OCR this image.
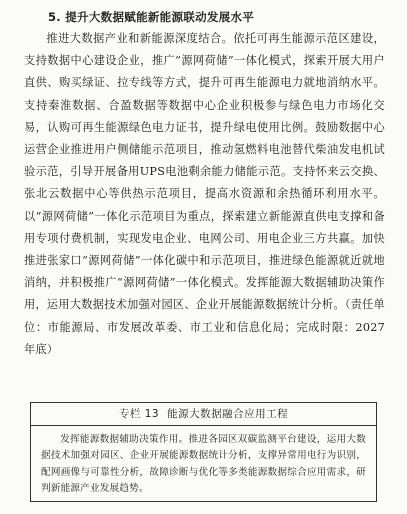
5. 提升大数据赋能新能源联动发展水平

推进大数据产业和新能源深度结合。依托可再生能源示范区建设，支持数据中心建设企业，推广“源网荷储”一体化模式，探索开展大用户直供、购买绿证、拉专线等方式，提升可再生能源电力就地消纳水平。支持秦淮数据、合盈数据等数据中心企业积极参与绿色电力市场化交易，认购可再生能源绿色电力证书，提升绿电使用比例。鼓励数据中心运营企业推进用户侧储能示范项目，推动氢燃料电池替代柴油发电机试验示范，引导开展备用UPS电池剩余能力储能示范。支持怀来云交换、张北云数据中心等供热示范项目，提高水资源和余热循环利用水平。以“源网荷储”一体化示范项目为重点，探索建立新能源直供电支撑和备用专项付费机制，实现发电企业、电网公司、用电企业三方共赢。加快推进张家口“源网荷储”一体化碳中和示范项目，推进绿色能源就近就地消纳，并积极推广“源网荷储”一体化模式。发挥能源大数据辅助决策作用，运用大数据技术加强对园区、企业开展能源数据统计分析。（责任单位：市能源局、市发展改革委、市工业和信息化局；完成时限：2027年底）

专栏 13 能源大数据融合应用工程
发挥能源数据辅助决策作用。推进各园区双碳监测平台建设，运用大数据技术加强对园区、企业开展能源数据统计分析，支撑异常用电行为识别，配网画像与可靠性分析，故障诊断与优化等多类能源数据综合应用需求，研判新能源产业发展趋势。
